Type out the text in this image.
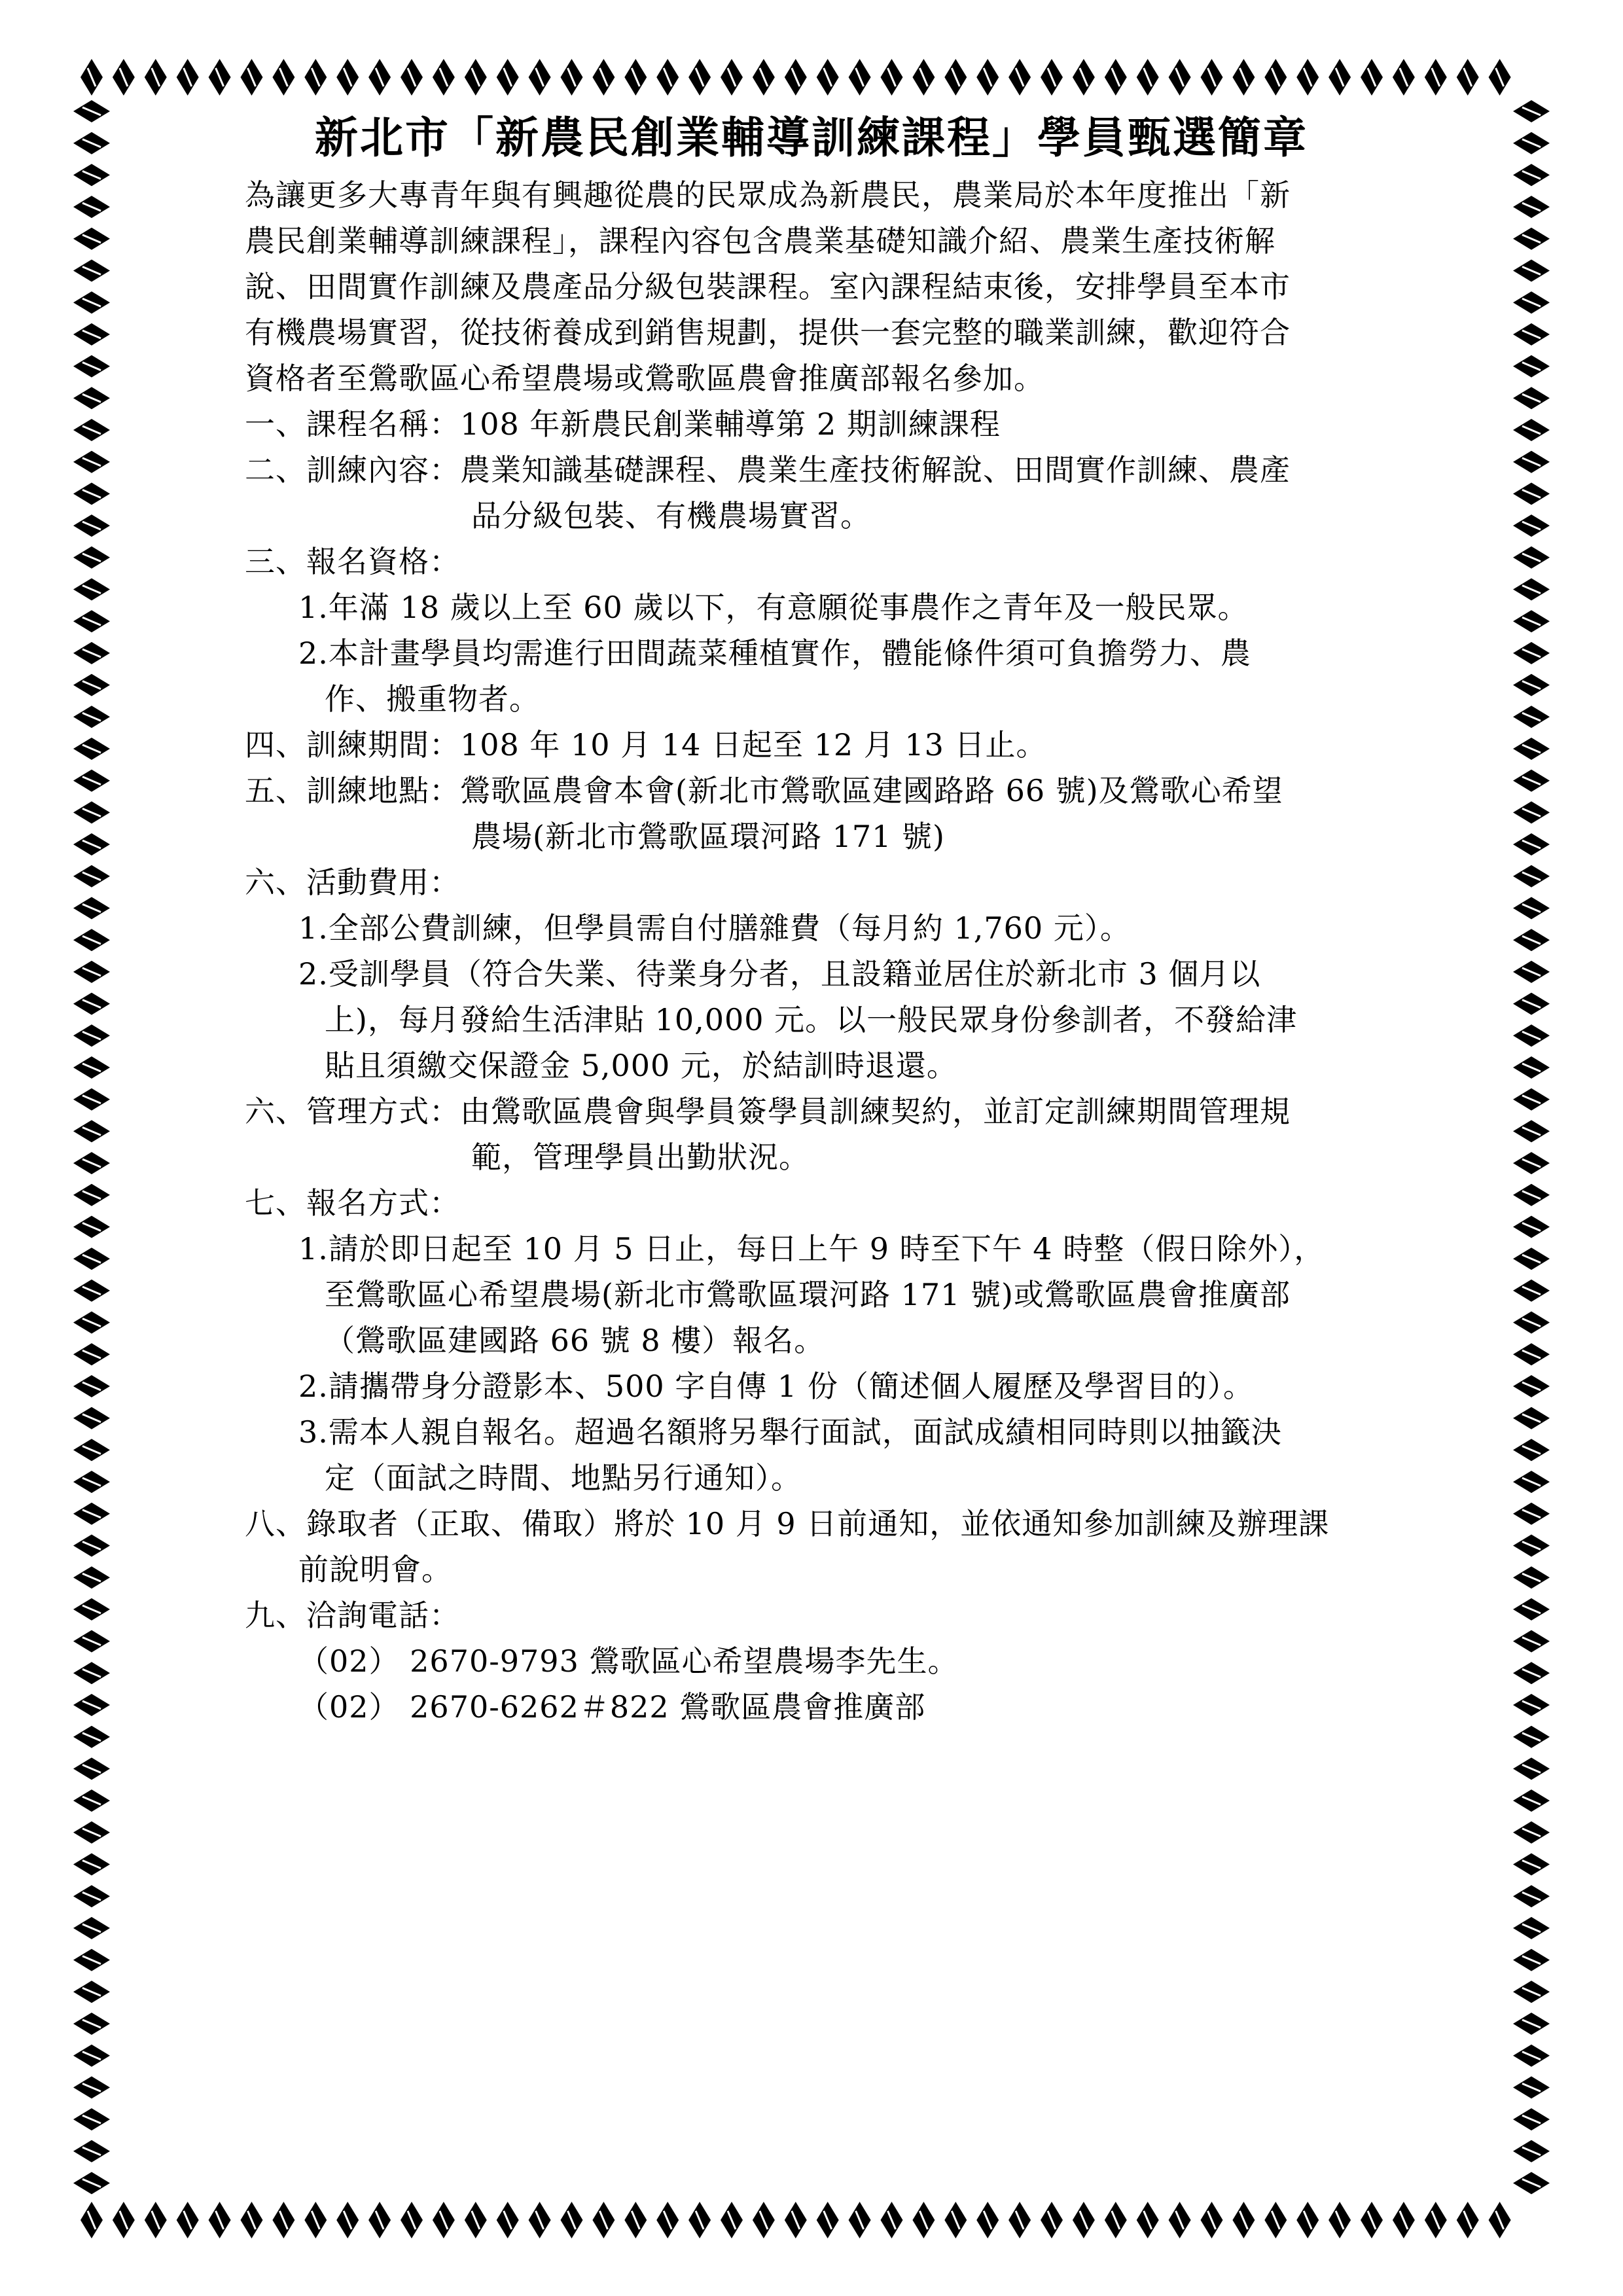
新北市「新農民創業輔導訓練課程」學員甄選簡章
為讓更多大專青年與有興趣從農的民眾成為新農民，農業局於本年度推出「新
農民創業輔導訓練課程」，課程內容包含農業基礎知識介紹、農業生產技術解
說、田間實作訓練及農產品分級包裝課程。室內課程結束後，安排學員至本市
有機農場實習，從技術養成到銷售規劃，提供一套完整的職業訓練，歡迎符合
資格者至鶯歌區心希望農場或鶯歌區農會推廣部報名參加。
一、課程名稱：108 年新農民創業輔導第 2 期訓練課程
二、訓練內容：農業知識基礎課程、農業生產技術解說、田間實作訓練、農產
品分級包裝、有機農場實習。
三、報名資格：
1.年滿 18 歲以上至 60 歲以下，有意願從事農作之青年及一般民眾。
2.本計畫學員均需進行田間蔬菜種植實作，體能條件須可負擔勞力、農
作、搬重物者。
四、訓練期間：108 年 10 月 14 日起至 12 月 13 日止。
五、訓練地點：鶯歌區農會本會(新北市鶯歌區建國路路 66 號)及鶯歌心希望
農場(新北市鶯歌區環河路 171 號)
六、活動費用：
1.全部公費訓練，但學員需自付膳雜費（每月約 1,760 元）。
2.受訓學員（符合失業、待業身分者，且設籍並居住於新北市 3 個月以
上)，每月發給生活津貼 10,000 元。以一般民眾身份參訓者，不發給津
貼且須繳交保證金 5,000 元，於結訓時退還。
六、管理方式：由鶯歌區農會與學員簽學員訓練契約，並訂定訓練期間管理規
範，管理學員出勤狀況。
七、報名方式：
1.請於即日起至 10 月 5 日止，每日上午 9 時至下午 4 時整（假日除外），
至鶯歌區心希望農場(新北市鶯歌區環河路 171 號)或鶯歌區農會推廣部
（鶯歌區建國路 66 號 8 樓）報名。
2.請攜帶身分證影本、500 字自傳 1 份（簡述個人履歷及學習目的）。
3.需本人親自報名。超過名額將另舉行面試，面試成績相同時則以抽籤決
定（面試之時間、地點另行通知）。
八、錄取者（正取、備取）將於 10 月 9 日前通知，並依通知參加訓練及辦理課
前說明會。
九、洽詢電話：
（02） 2670-9793 鶯歌區心希望農場李先生。
（02） 2670-6262＃822 鶯歌區農會推廣部
